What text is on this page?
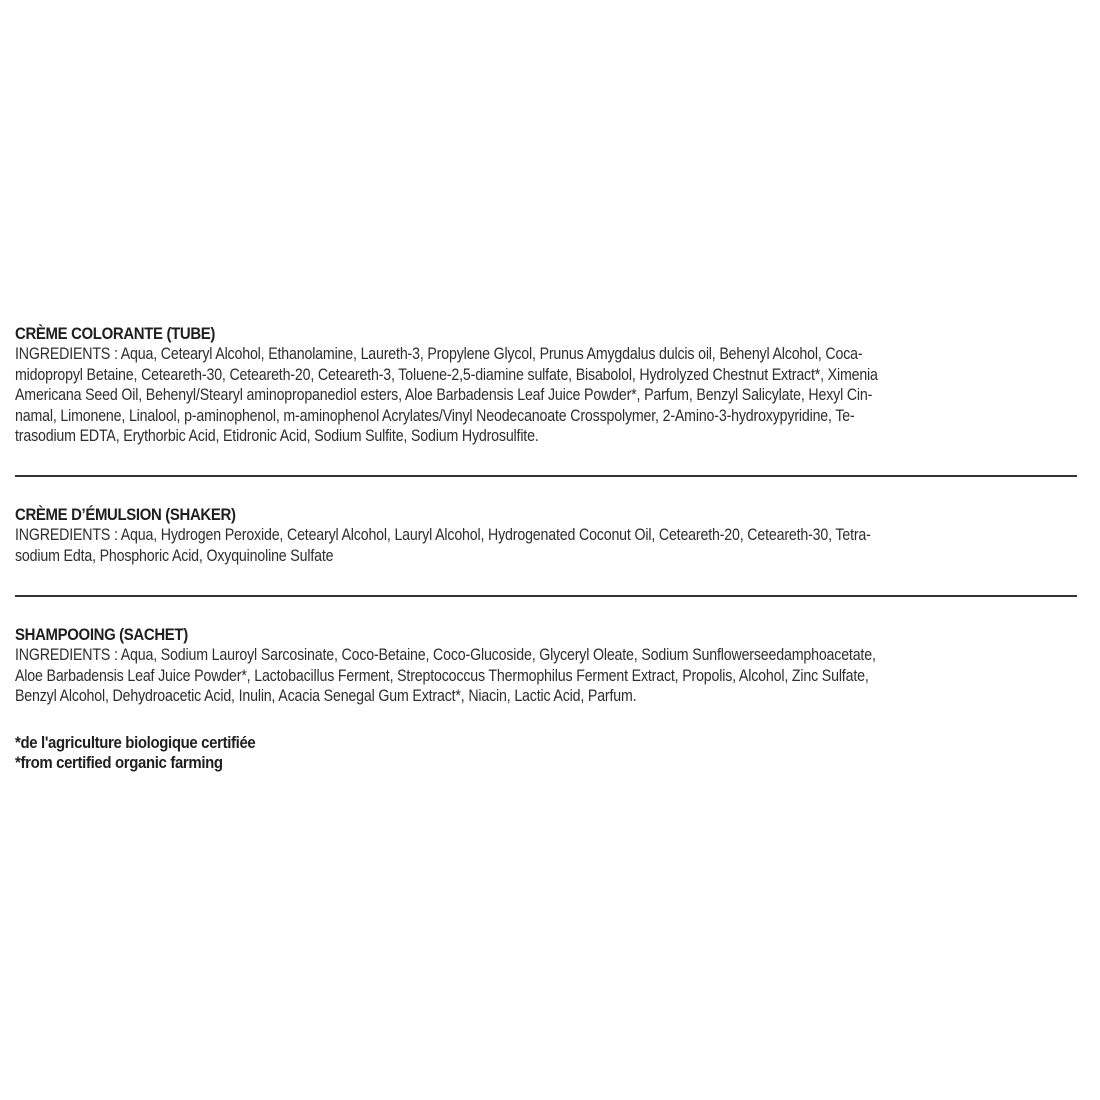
CRÈME COLORANTE (TUBE)
INGREDIENTS : Aqua, Cetearyl Alcohol, Ethanolamine, Laureth-3, Propylene Glycol, Prunus Amygdalus dulcis oil, Behenyl Alcohol, Coca-
midopropyl Betaine, Ceteareth-30, Ceteareth-20, Ceteareth-3, Toluene-2,5-diamine sulfate, Bisabolol, Hydrolyzed Chestnut Extract*, Ximenia
Americana Seed Oil, Behenyl/Stearyl aminopropanediol esters, Aloe Barbadensis Leaf Juice Powder*, Parfum, Benzyl Salicylate, Hexyl Cin-
namal, Limonene, Linalool, p-aminophenol, m-aminophenol Acrylates/Vinyl Neodecanoate Crosspolymer, 2-Amino-3-hydroxypyridine, Te-
trasodium EDTA, Erythorbic Acid, Etidronic Acid, Sodium Sulfite, Sodium Hydrosulfite.
CRÈME D’ÉMULSION (SHAKER)
INGREDIENTS : Aqua, Hydrogen Peroxide, Cetearyl Alcohol, Lauryl Alcohol, Hydrogenated Coconut Oil, Ceteareth-20, Ceteareth-30, Tetra-
sodium Edta, Phosphoric Acid, Oxyquinoline Sulfate
SHAMPOOING (SACHET)
INGREDIENTS : Aqua, Sodium Lauroyl Sarcosinate, Coco-Betaine, Coco-Glucoside, Glyceryl Oleate, Sodium Sunflowerseedamphoacetate,
Aloe Barbadensis Leaf Juice Powder*, Lactobacillus Ferment, Streptococcus Thermophilus Ferment Extract, Propolis, Alcohol, Zinc Sulfate,
Benzyl Alcohol, Dehydroacetic Acid, Inulin, Acacia Senegal Gum Extract*, Niacin, Lactic Acid, Parfum.
*de l'agriculture biologique certifiée
*from certified organic farming
